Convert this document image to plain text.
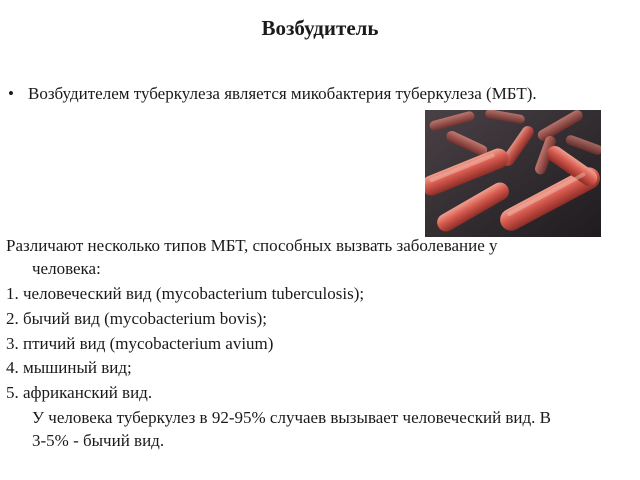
Возбудитель
• Возбудителем туберкулеза является микобактерия туберкулеза (МБТ).
Различают несколько типов МБТ, способных вызвать заболевание у
человека:
1. человеческий вид (mycobacterium tuberculosis);
2. бычий вид (mycobacterium bovis);
3. птичий вид (mycobacterium avium)
4. мышиный вид;
5. африканский вид.
У человека туберкулез в 92-95% случаев вызывает человеческий вид. В
3-5% - бычий вид.
